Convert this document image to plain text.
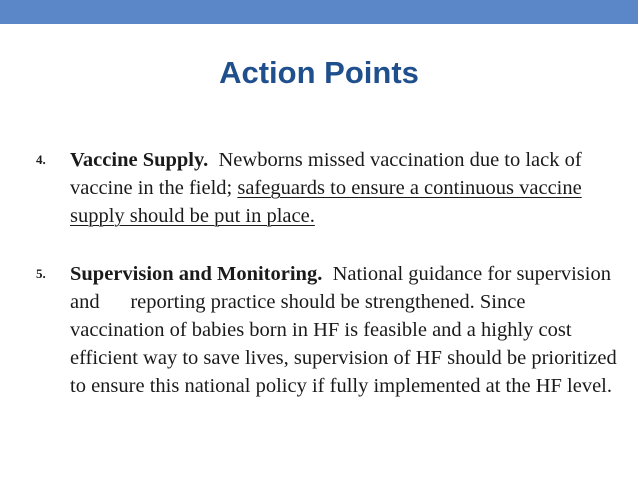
Action Points
4. Vaccine Supply. Newborns missed vaccination due to lack of vaccine in the field; safeguards to ensure a continuous vaccine supply should be put in place.
5. Supervision and Monitoring. National guidance for supervision and reporting practice should be strengthened. Since vaccination of babies born in HF is feasible and a highly cost efficient way to save lives, supervision of HF should be prioritized to ensure this national policy if fully implemented at the HF level.
